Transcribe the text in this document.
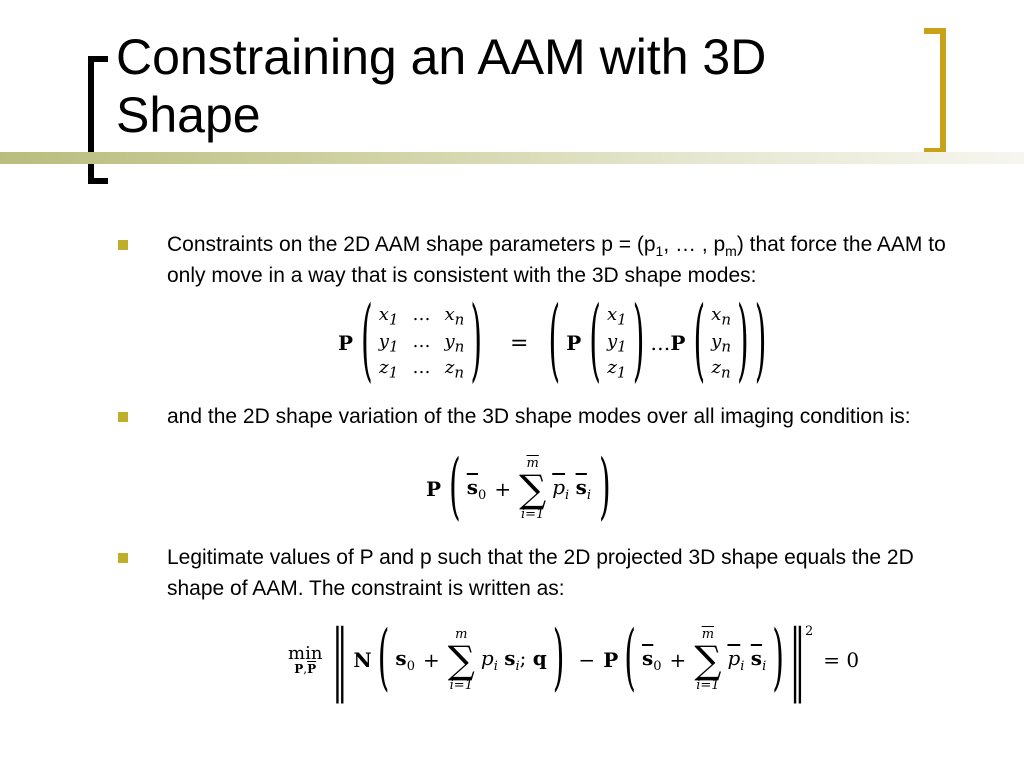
Constraining an AAM with 3D Shape
Constraints on the 2D AAM shape parameters $p = (p_1$, … , $p_m$) that force the AAM to only move in a way that is consistent with the 3D shape modes:
P ( $x_1$ … $x_n$
$y_1$ … $y_n$
$z_1$ … $z_n$ ) = ( P ( $x_1$
$y_1$
$z_1$ ) … P ( $x_n$
$y_n$
$z_n$ ) )
and the 2D shape variation of the 3D shape modes over all imaging condition is:
P ( $\overline{s}_0$ +
$\overline{m}$
∑
i=1
$\overline{p}_i$ $\overline{s}_i$ )
Legitimate values of P and p such that the 2D projected 3D shape equals the 2D shape of AAM. The constraint is written as:
min
$P,\overline{P}$ ‖ N ( $s_0$ +
m
∑
i=1
$p_i$ $s_i$; q ) − P ( $\overline{s}_0$ +
$\overline{m}$
∑
i=1
$\overline{p}_i$ $\overline{s}_i$ ) ‖$^2$
= 0
